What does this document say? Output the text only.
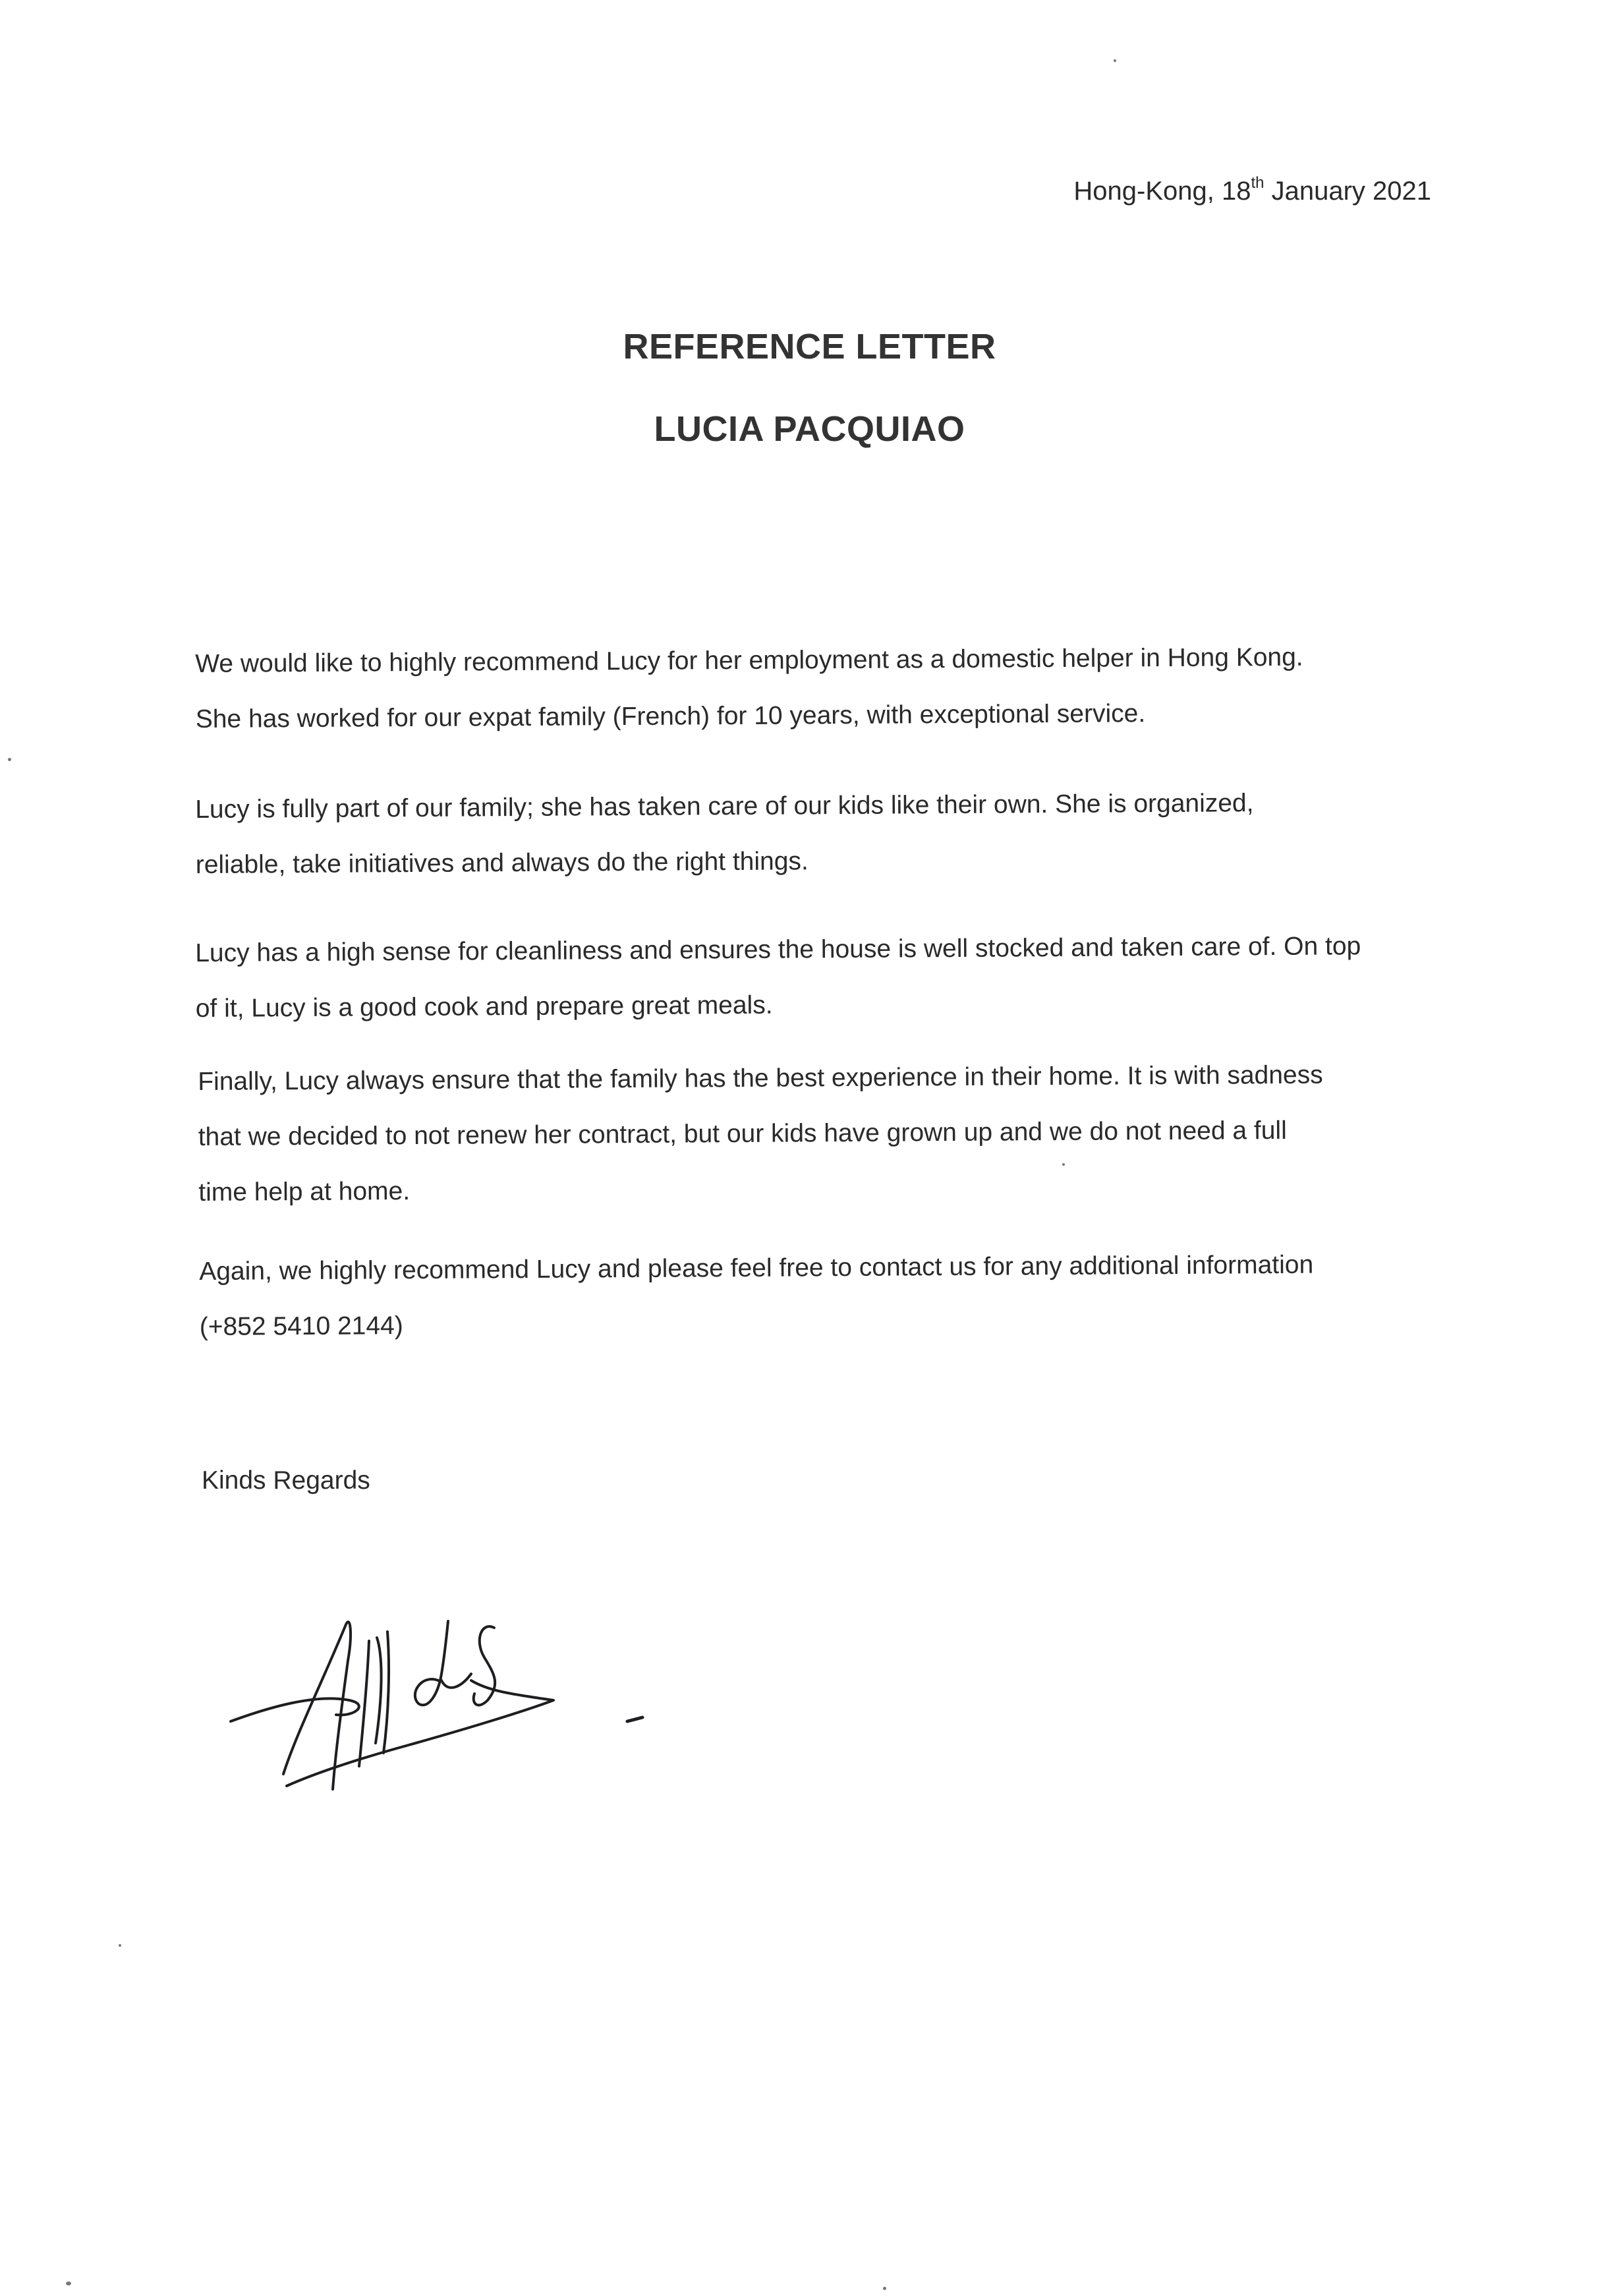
Hong-Kong, 18th January 2021
REFERENCE LETTER
LUCIA PACQUIAO
We would like to highly recommend Lucy for her employment as a domestic helper in Hong Kong.
She has worked for our expat family (French) for 10 years, with exceptional service.
Lucy is fully part of our family; she has taken care of our kids like their own. She is organized,
reliable, take initiatives and always do the right things.
Lucy has a high sense for cleanliness and ensures the house is well stocked and taken care of. On top
of it, Lucy is a good cook and prepare great meals.
Finally, Lucy always ensure that the family has the best experience in their home. It is with sadness
that we decided to not renew her contract, but our kids have grown up and we do not need a full
time help at home.
Again, we highly recommend Lucy and please feel free to contact us for any additional information
(+852 5410 2144)
Kinds Regards
